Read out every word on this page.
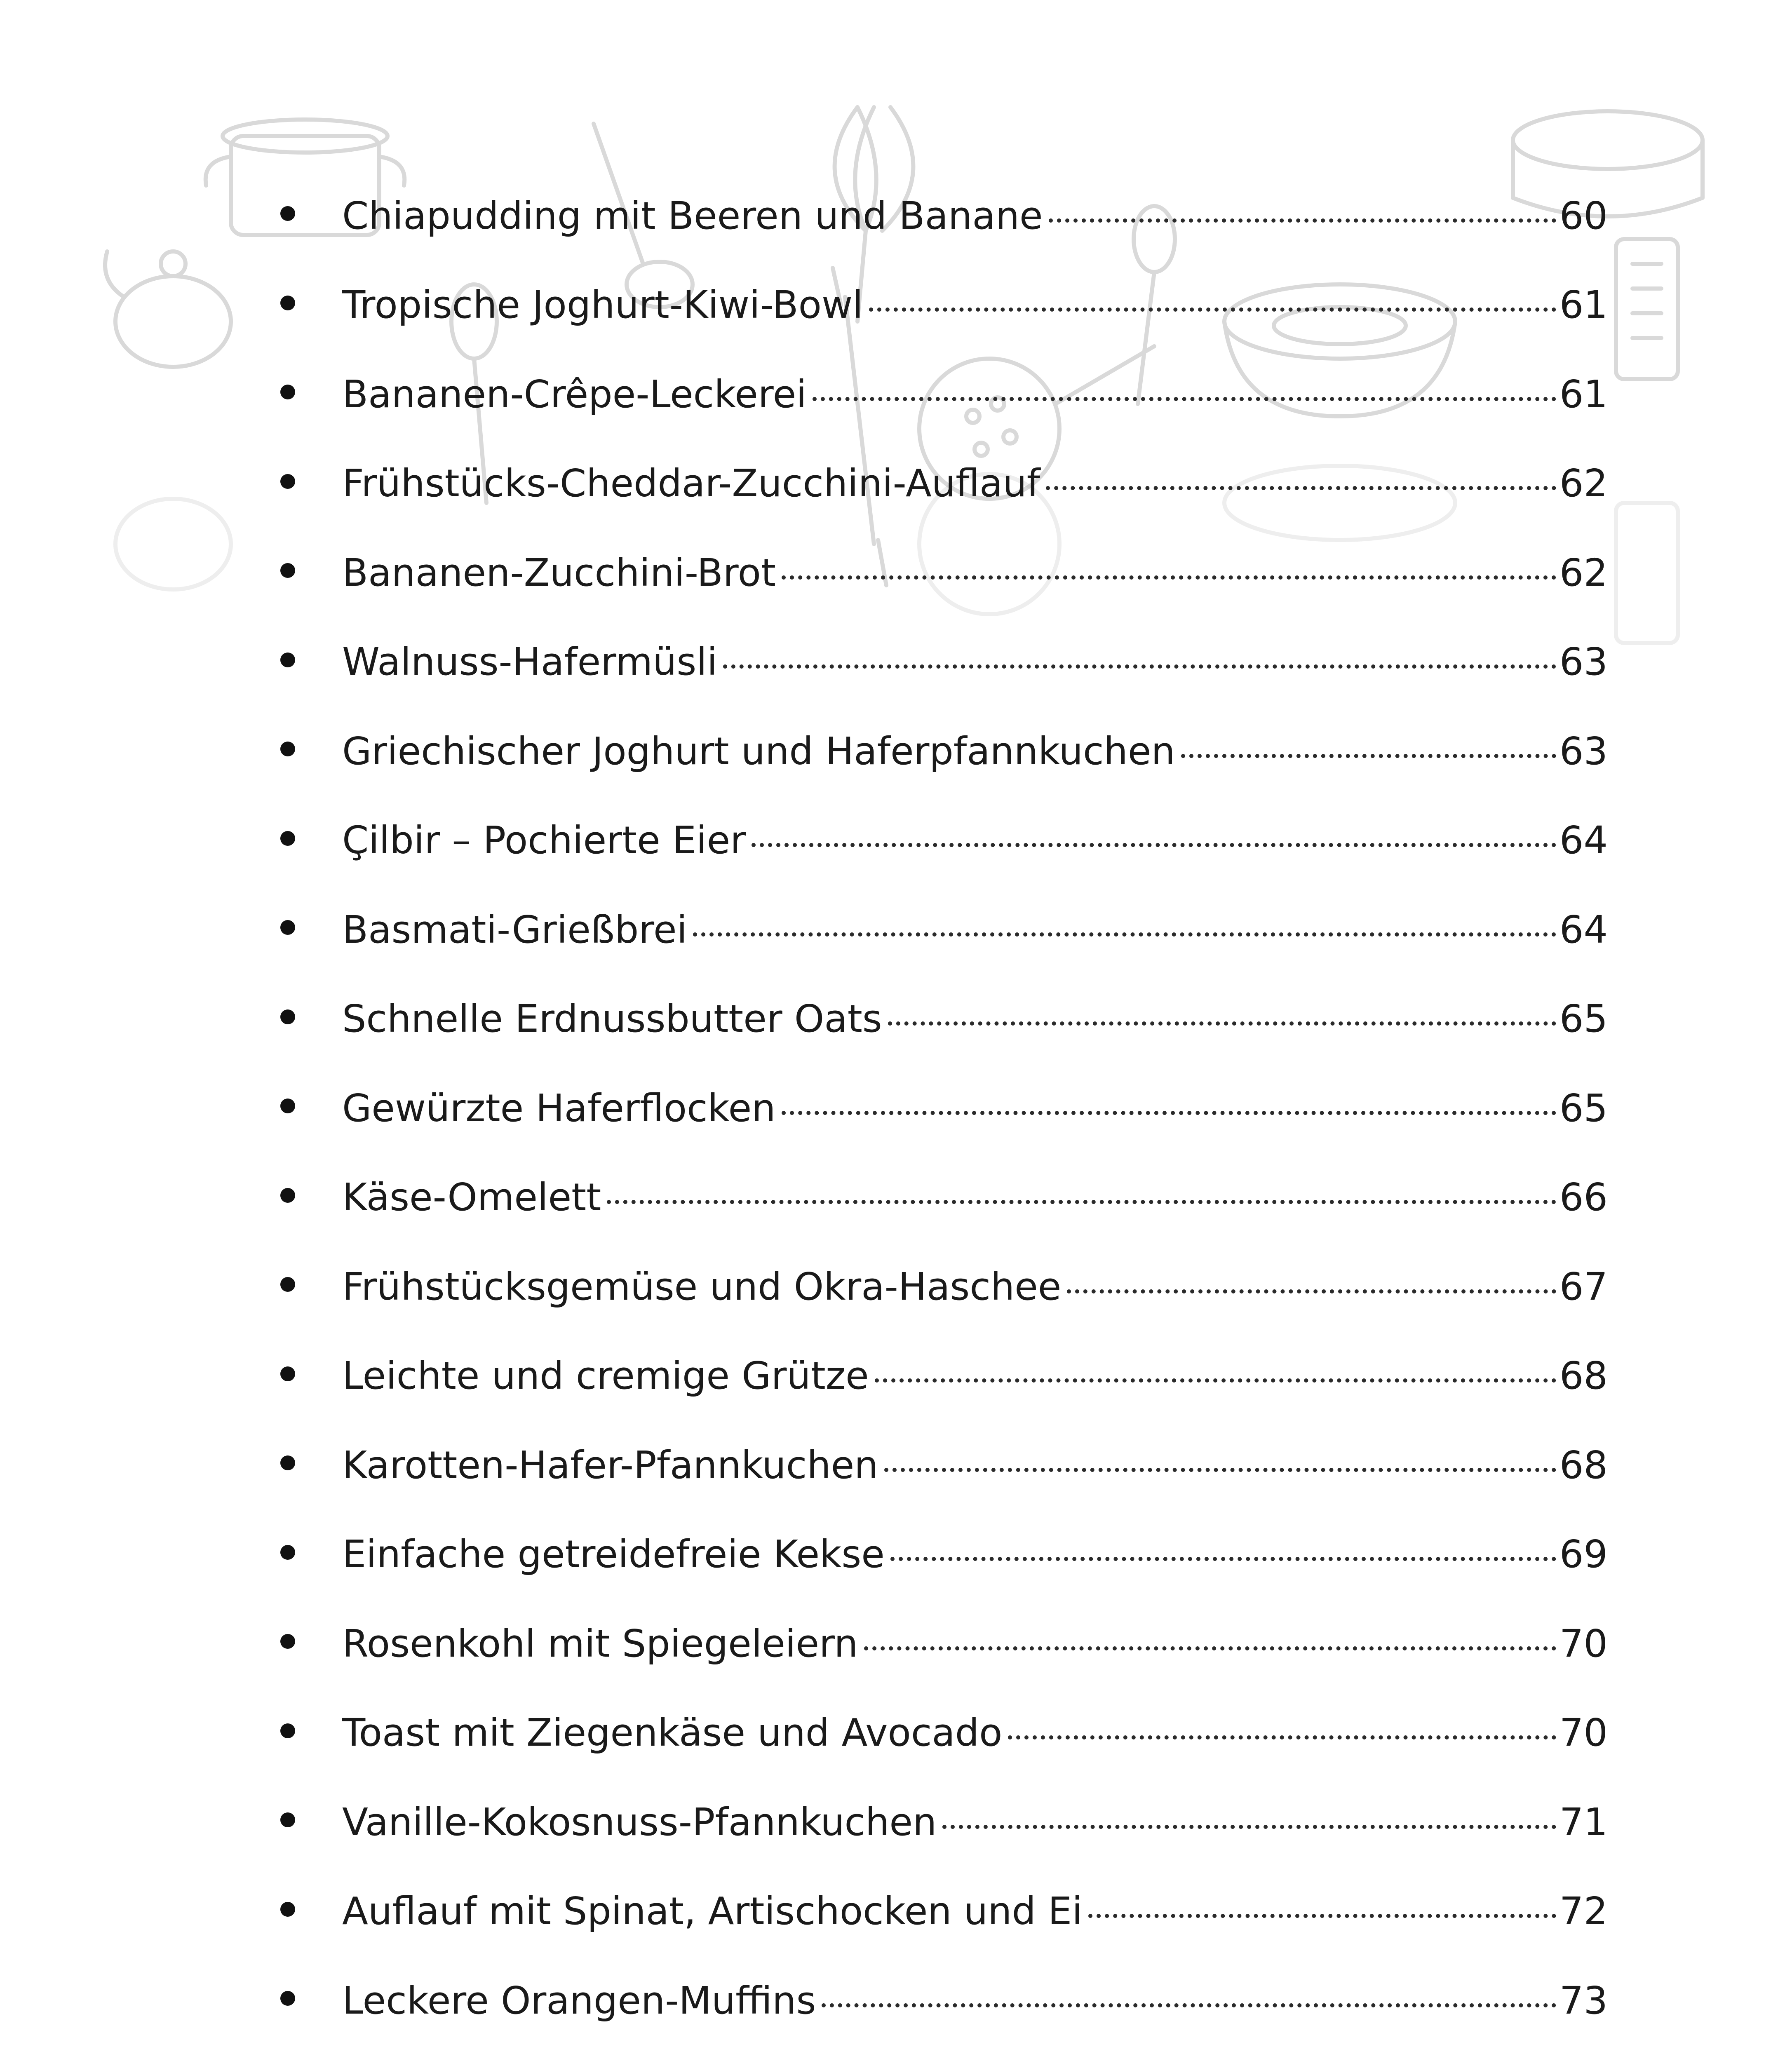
Chiapudding mit Beeren und Banane	60
Tropische Joghurt-Kiwi-Bowl	61
Bananen-Crêpe-Leckerei	61
Frühstücks-Cheddar-Zucchini-Auflauf	62
Bananen-Zucchini-Brot	62
Walnuss-Hafermüsli	63
Griechischer Joghurt und Haferpfannkuchen	63
Çilbir – Pochierte Eier	64
Basmati-Grießbrei	64
Schnelle Erdnussbutter Oats	65
Gewürzte Haferflocken	65
Käse-Omelett	66
Frühstücksgemüse und Okra-Haschee	67
Leichte und cremige Grütze	68
Karotten-Hafer-Pfannkuchen	68
Einfache getreidefreie Kekse	69
Rosenkohl mit Spiegeleiern	70
Toast mit Ziegenkäse und Avocado	70
Vanille-Kokosnuss-Pfannkuchen	71
Auflauf mit Spinat, Artischocken und Ei	72
Leckere Orangen-Muffins	73
